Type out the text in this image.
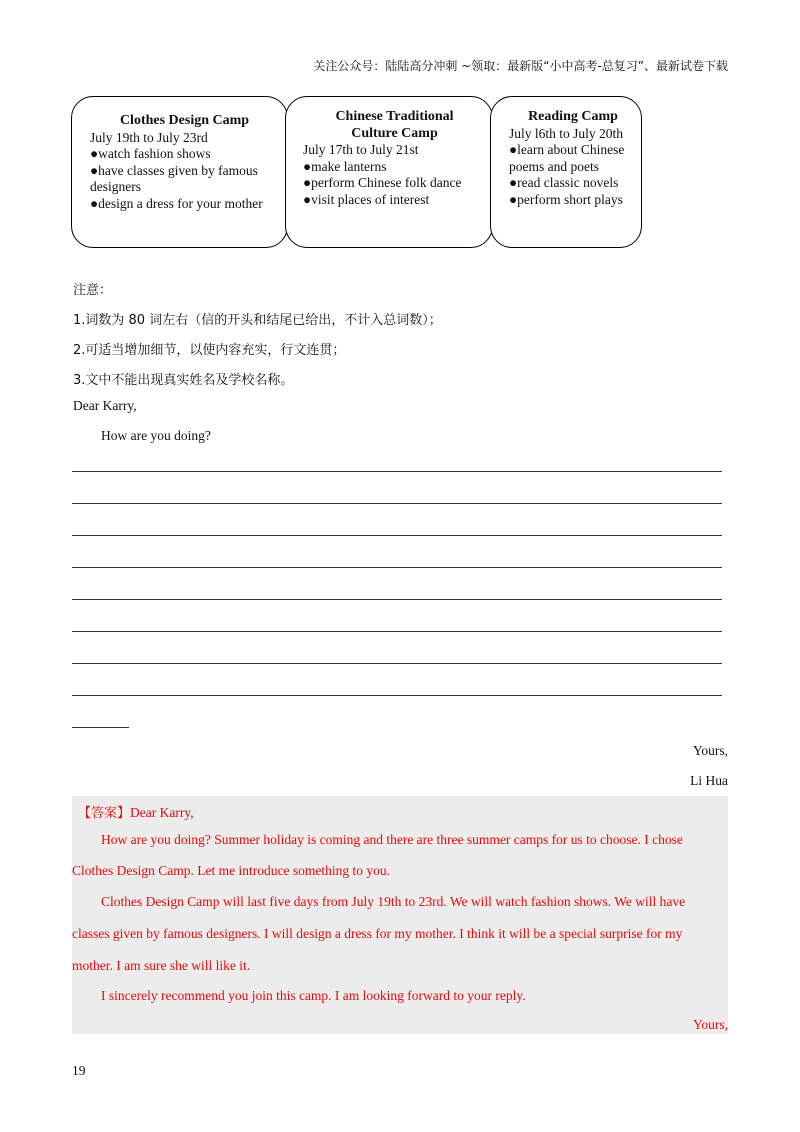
关注公众号：陆陆高分冲刺 ~领取：最新版“小中高考-总复习”、最新试卷下载
Clothes Design Camp
July 19th to July 23rd
●watch fashion shows
●have classes given by famous
designers
●design a dress for your mother
Chinese Traditional
Culture Camp
July 17th to July 21st
●make lanterns
●perform Chinese folk dance
●visit places of interest
Reading Camp
July l6th to July 20th
●learn about Chinese
poems and poets
●read classic novels
●perform short plays
注意：
1.词数为 80 词左右（信的开头和结尾已给出，不计入总词数）；
2.可适当增加细节，以使内容充实，行文连贯；
3.文中不能出现真实姓名及学校名称。
Dear Karry,
How are you doing?
Yours,
Li Hua
【答案】Dear Karry,
How are you doing? Summer holiday is coming and there are three summer camps for us to choose. I chose
Clothes Design Camp. Let me introduce something to you.
Clothes Design Camp will last five days from July 19th to 23rd. We will watch fashion shows. We will have
classes given by famous designers. I will design a dress for my mother. I think it will be a special surprise for my
mother. I am sure she will like it.
I sincerely recommend you join this camp. I am looking forward to your reply.
Yours,
19
